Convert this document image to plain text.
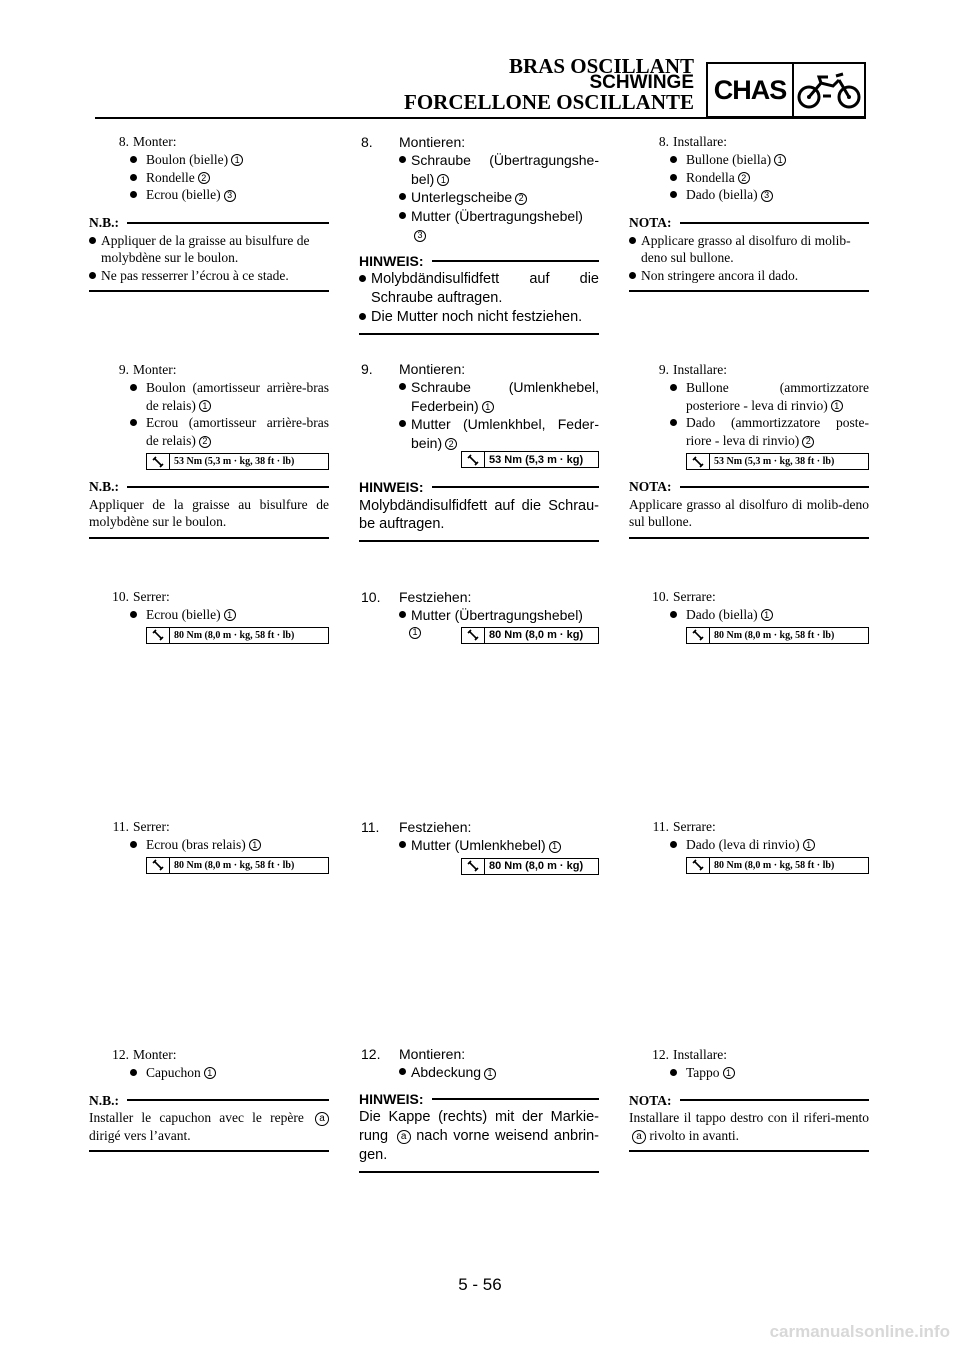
BRAS OSCILLANT
SCHWINGE
FORCELLONE OSCILLANTE CHAS
8. Monter:
Boulon (bielle) 1
Rondelle 2
Ecrou (bielle) 3
N.B.:
Appliquer de la graisse au bisulfure de molybdène sur le boulon.
Ne pas resserrer l’écrou à ce stade.
9. Monter:
Boulon (amortisseur arrière-bras de relais) 1
Ecrou (amortisseur arrière-bras de relais) 2
53 Nm (5,3 m · kg, 38 ft · lb)
N.B.:
Appliquer de la graisse au bisulfure de molybdène sur le boulon.
10. Serrer:
Ecrou (bielle) 1
80 Nm (8,0 m · kg, 58 ft · lb)
11. Serrer:
Ecrou (bras relais) 1
80 Nm (8,0 m · kg, 58 ft · lb)
12. Monter:
Capuchon 1
N.B.:
Installer le capuchon avec le repère a dirigé vers l’avant.
8. Montieren:
Schraube (Übertragungshe-bel) 1
Unterlegscheibe 2
Mutter (Übertragungshebel) 3
HINWEIS:
Molybdändisulfidfett auf die Schraube auftragen.
Die Mutter noch nicht festziehen.
9. Montieren:
Schraube (Umlenkhebel, Federbein) 1
Mutter (Umlenkhbel, Feder-bein) 2
53 Nm (5,3 m · kg)
HINWEIS:
Molybdändisulfidfett auf die Schrau-be auftragen.
10. Festziehen:
Mutter (Übertragungshebel)
1	80 Nm (8,0 m · kg)
11. Festziehen:
Mutter (Umlenkhebel) 1
80 Nm (8,0 m · kg)
12. Montieren:
Abdeckung 1
HINWEIS:
Die Kappe (rechts) mit der Markie-rung a nach vorne weisend anbrin-gen.
8. Installare:
Bullone (biella) 1
Rondella 2
Dado (biella) 3
NOTA:
Applicare grasso al disolfuro di molib-deno sul bullone.
Non stringere ancora il dado.
9. Installare:
Bullone (ammortizzatore posteriore - leva di rinvio) 1
Dado (ammortizzatore poste-riore - leva di rinvio) 2
53 Nm (5,3 m · kg, 38 ft · lb)
NOTA:
Applicare grasso al disolfuro di molib-deno sul bullone.
10. Serrare:
Dado (biella) 1
80 Nm (8,0 m · kg, 58 ft · lb)
11. Serrare:
Dado (leva di rinvio) 1
80 Nm (8,0 m · kg, 58 ft · lb)
12. Installare:
Tappo 1
NOTA:
Installare il tappo destro con il riferi-mento a rivolto in avanti.
5 - 56
carmanualsonline.info
